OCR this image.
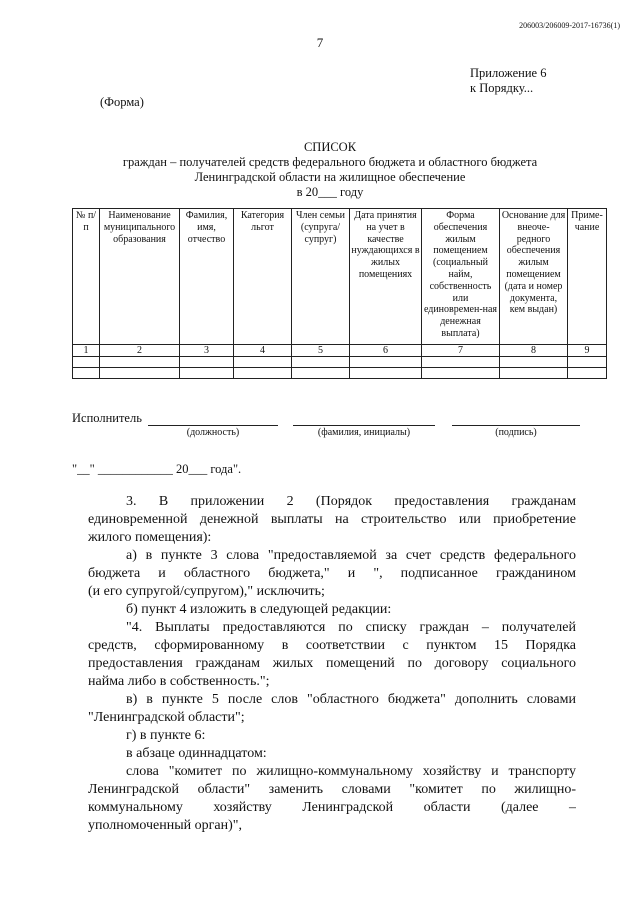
206003/206009-2017-16736(1)
7
Приложение 6
к Порядку...
(Форма)
СПИСОК
граждан – получателей средств федерального бюджета и областного бюджета
Ленинградской области на жилищное обеспечение
в 20___ году
№ п/п	Наименование муниципального образования	Фамилия, имя, отчество	Категория льгот	Член семьи (супруга/ супруг)	Дата принятия на учет в качестве нуждающихся в жилых помещениях	Форма обеспечения жилым помещением (социальный найм, собственность или единовремен-ная денежная выплата)	Основание для внеоче-редного обеспечения жилым помещением (дата и номер документа, кем выдан)	Приме-чание
1	2	3	4	5	6	7	8	9

Исполнитель
(должность)	(фамилия, инициалы)	(подпись)
"__" ____________ 20___ года".
3. В приложении 2 (Порядок предоставления гражданам
единовременной денежной выплаты на строительство или приобретение
жилого помещения):
а) в пункте 3 слова "предоставляемой за счет средств федерального
бюджета и областного бюджета," и ", подписанное гражданином
(и его супругой/супругом)," исключить;
б) пункт 4 изложить в следующей редакции:
"4. Выплаты предоставляются по списку граждан – получателей
средств, сформированному в соответствии с пунктом 15 Порядка
предоставления гражданам жилых помещений по договору социального
найма либо в собственность.";
в) в пункте 5 после слов "областного бюджета" дополнить словами
"Ленинградской области";
г) в пункте 6:
в абзаце одиннадцатом:
слова "комитет по жилищно-коммунальному хозяйству и транспорту
Ленинградской области" заменить словами "комитет по жилищно-
коммунальному хозяйству Ленинградской области (далее –
уполномоченный орган)",
